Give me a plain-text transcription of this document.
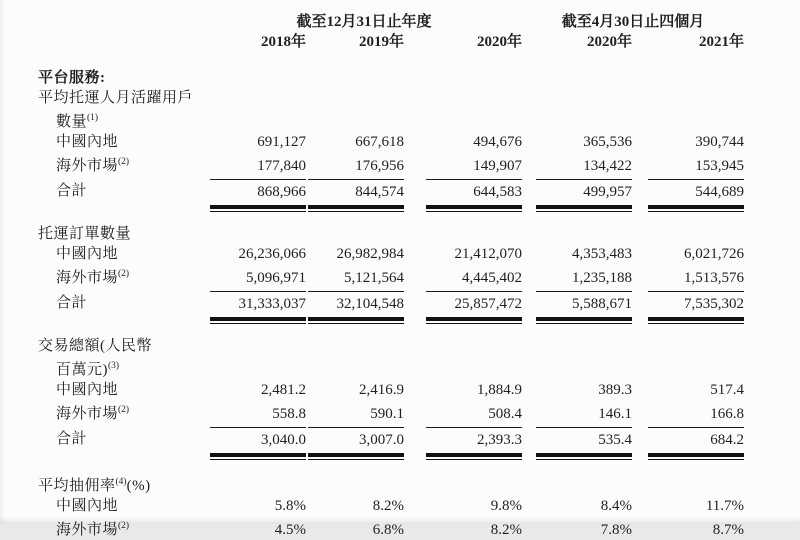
	截至12月31日止年度			截至4月30日止四個月	
	2018年	2019年	2020年	2020年	2021年

平台服務:					
平均托運人月活躍用戶					
數量$^{(1)}$	
中國內地	691,127	667,618	494,676	365,536	390,744
海外市場$^{(2)}$	177,840	176,956	149,907	134,422	153,945
合計	868,966	844,574	644,583	499,957	544,689

托運訂單數量					
中國內地	26,236,066	26,982,984	21,412,070	4,353,483	6,021,726
海外市場$^{(2)}$	5,096,971	5,121,564	4,445,402	1,235,188	1,513,576
合計	31,333,037	32,104,548	25,857,472	5,588,671	7,535,302

交易總額(人民幣					
百萬元)$^{(3)}$	
中國內地	2,481.2	2,416.9	1,884.9	389.3	517.4
海外市場$^{(2)}$	558.8	590.1	508.4	146.1	166.8
合計	3,040.0	3,007.0	2,393.3	535.4	684.2

平均抽佣率$^{(4)}$(%)					
中國內地	5.8%	8.2%	9.8%	8.4%	11.7%
海外市場$^{(2)}$	4.5%	6.8%	8.2%	7.8%	8.7%
